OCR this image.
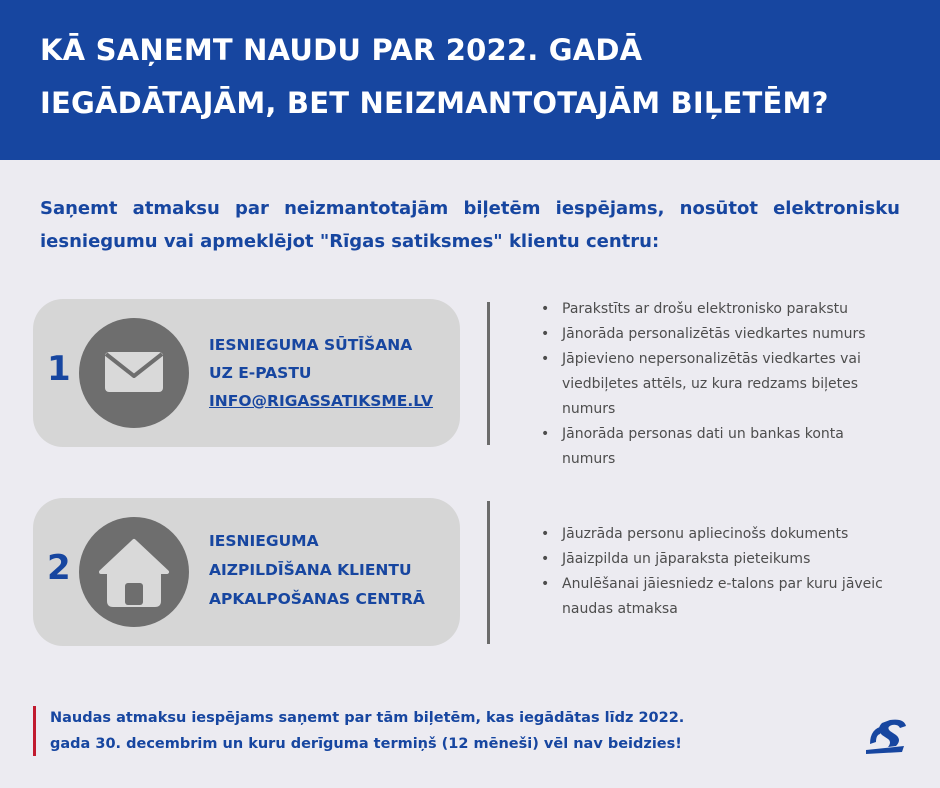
KĀ SAŅEMT NAUDU PAR 2022. GADĀ
IEGĀDĀTAJĀM, BET NEIZMANTOTAJĀM BIĻETĒM?
Saņemt atmaksu par neizmantotajām biļetēm iespējams, nosūtot elektronisku iesniegumu vai apmeklējot "Rīgas satiksmes" klientu centru:
1
IESNIEGUMA SŪTĪŠANA
UZ E-PASTU
INFO@RIGASSATIKSME.LV
• Parakstīts ar drošu elektronisko parakstu
• Jānorāda personalizētās viedkartes numurs
• Jāpievieno nepersonalizētās viedkartes vai viedbiļetes attēls, uz kura redzams biļetes numurs
• Jānorāda personas dati un bankas konta numurs
2
IESNIEGUMA
AIZPILDĪŠANA KLIENTU
APKALPOŠANAS CENTRĀ
• Jāuzrāda personu apliecinošs dokuments
• Jāaizpilda un jāparaksta pieteikums
• Anulēšanai jāiesniedz e-talons par kuru jāveic naudas atmaksa
Naudas atmaksu iespējams saņemt par tām biļetēm, kas iegādātas līdz 2022.
gada 30. decembrim un kuru derīguma termiņš (12 mēneši) vēl nav beidzies!
